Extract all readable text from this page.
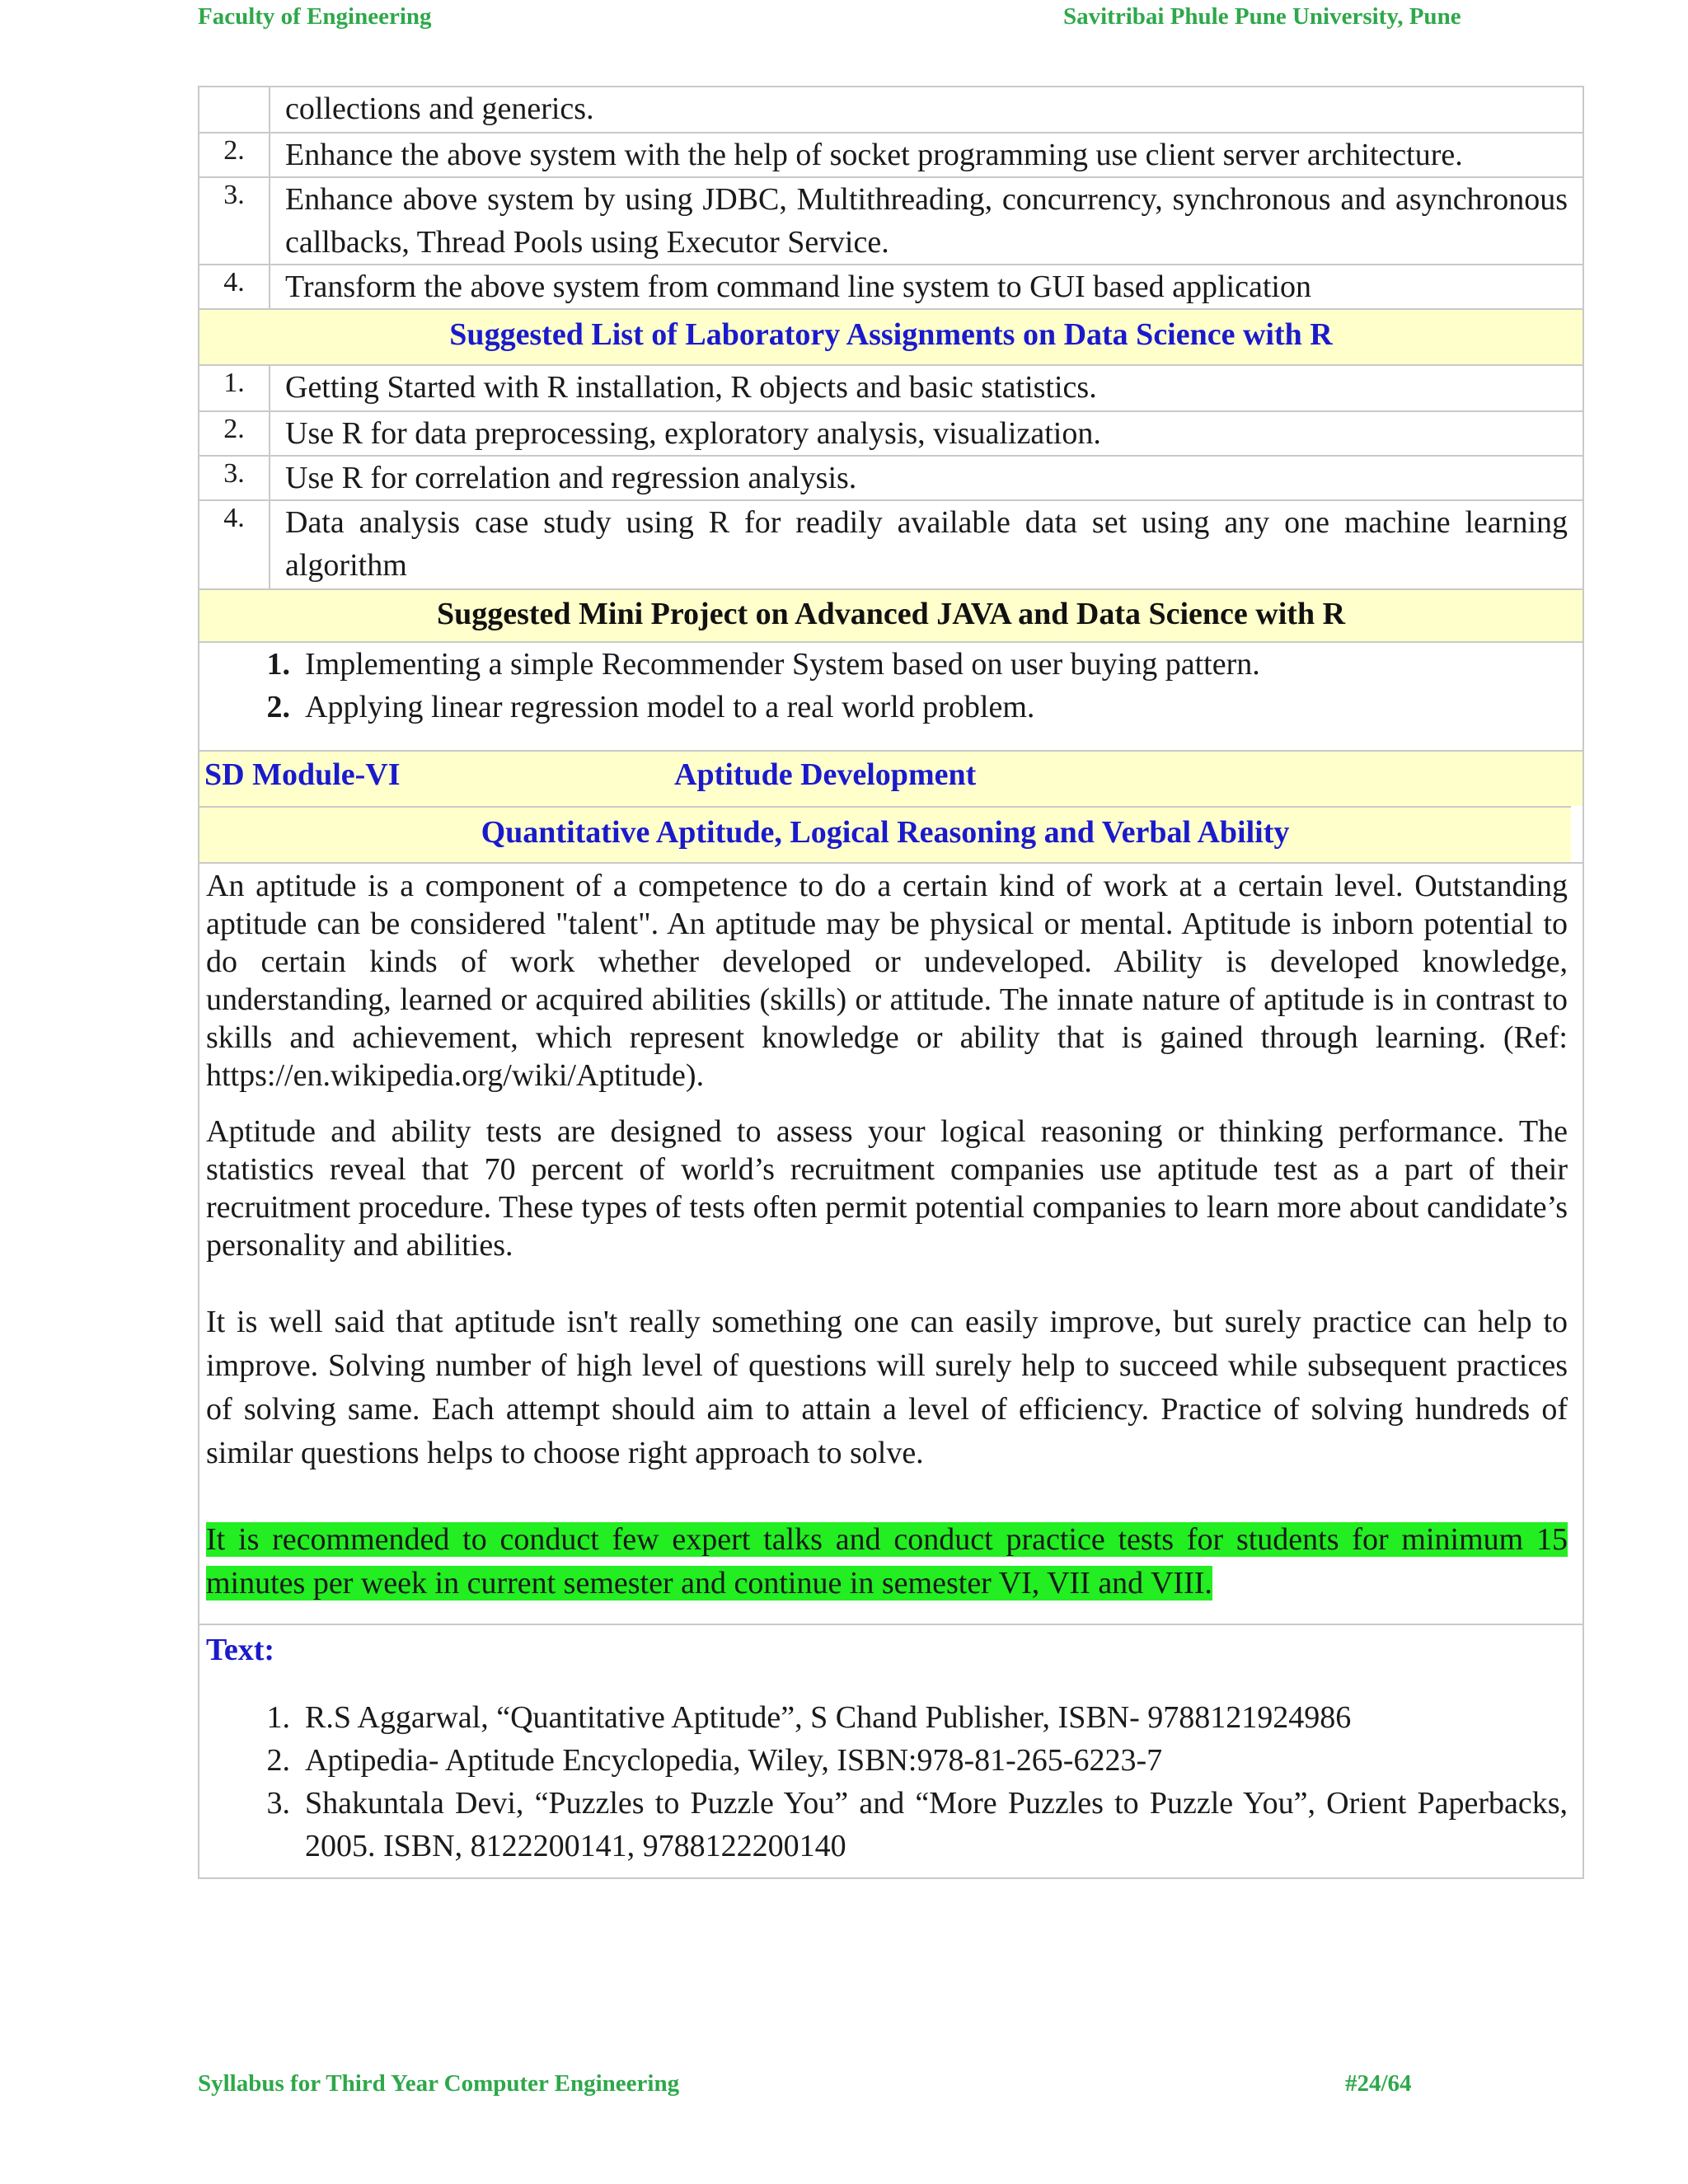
Faculty of Engineering	Savitribai Phule Pune University, Pune
collections and generics.
2.	Enhance the above system with the help of socket programming use client server architecture.
3.	Enhance above system by using JDBC, Multithreading, concurrency, synchronous and asynchronous callbacks, Thread Pools using Executor Service.
4.	Transform the above system from command line system to GUI based application
Suggested List of Laboratory Assignments on Data Science with R
1.	Getting Started with R installation, R objects and basic statistics.
2.	Use R for data preprocessing, exploratory analysis, visualization.
3.	Use R for correlation and regression analysis.
4.	Data analysis case study using R for readily available data set using any one machine learning algorithm
Suggested Mini Project on Advanced JAVA and Data Science with R
1. Implementing a simple Recommender System based on user buying pattern.
2. Applying linear regression model to a real world problem.
SD Module-VI	Aptitude Development
Quantitative Aptitude, Logical Reasoning and Verbal Ability

An aptitude is a component of a competence to do a certain kind of work at a certain level. Outstanding aptitude can be considered "talent". An aptitude may be physical or mental. Aptitude is inborn potential to do certain kinds of work whether developed or undeveloped. Ability is developed knowledge, understanding, learned or acquired abilities (skills) or attitude. The innate nature of aptitude is in contrast to skills and achievement, which represent knowledge or ability that is gained through learning. (Ref: https://en.wikipedia.org/wiki/Aptitude).

Aptitude and ability tests are designed to assess your logical reasoning or thinking performance. The statistics reveal that 70 percent of world’s recruitment companies use aptitude test as a part of their recruitment procedure. These types of tests often permit potential companies to learn more about candidate’s personality and abilities.

It is well said that aptitude isn't really something one can easily improve, but surely practice can help to improve. Solving number of high level of questions will surely help to succeed while subsequent practices of solving same. Each attempt should aim to attain a level of efficiency. Practice of solving hundreds of similar questions helps to choose right approach to solve.

It is recommended to conduct few expert talks and conduct practice tests for students for minimum 15 minutes per week in current semester and continue in semester VI, VII and VIII.

Text:
1. R.S Aggarwal, “Quantitative Aptitude”, S Chand Publisher, ISBN- 9788121924986
2. Aptipedia- Aptitude Encyclopedia, Wiley, ISBN:978-81-265-6223-7
3. Shakuntala Devi, “Puzzles to Puzzle You” and “More Puzzles to Puzzle You”, Orient Paperbacks, 2005. ISBN, 8122200141, 9788122200140
Syllabus for Third Year Computer Engineering	#24/64
